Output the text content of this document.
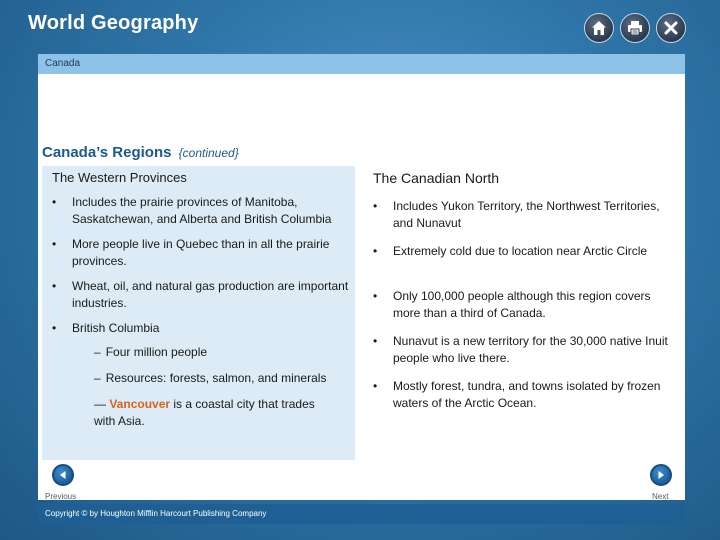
World Geography
Canada
Canada’s Regions {continued}
The Western Provinces
• Includes the prairie provinces of Manitoba, Saskatchewan, and Alberta and British Columbia
• More people live in Quebec than in all the prairie provinces.
• Wheat, oil, and natural gas production are important industries.
• British Columbia
– Four million people
– Resources: forests, salmon, and minerals
— Vancouver is a coastal city that trades
with Asia.
The Canadian North
• Includes Yukon Territory, the Northwest Territories, and Nunavut
• Extremely cold due to location near Arctic Circle
• Only 100,000 people although this region covers more than a third of Canada.
• Nunavut is a new territory for the 30,000 native Inuit people who live there.
• Mostly forest, tundra, and towns isolated by frozen waters of the Arctic Ocean.
Previous	Next
Copyright © by Houghton Mifflin Harcourt Publishing Company
